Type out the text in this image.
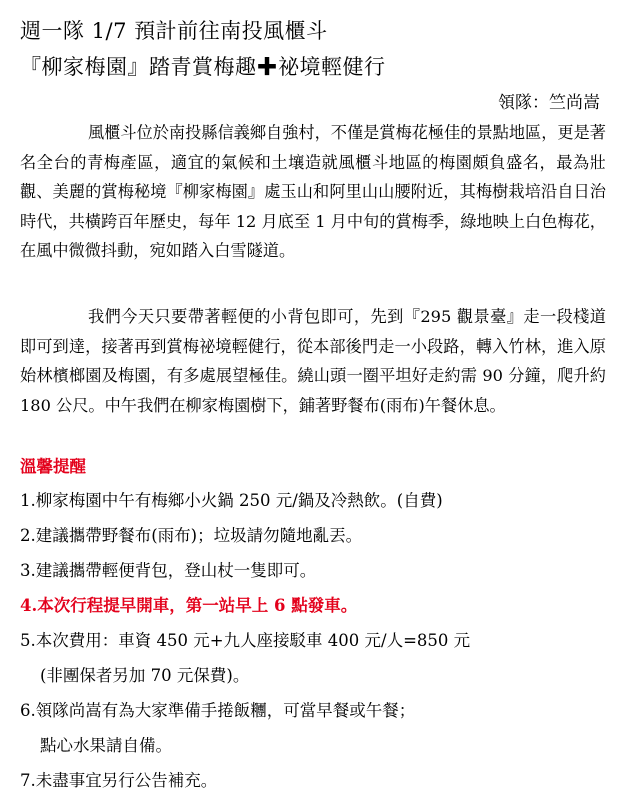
週一隊 1/7 預計前往南投風櫃斗
『柳家梅園』踏青賞梅趣✚祕境輕健行
領隊：竺尚嵩

風櫃斗位於南投縣信義鄉自強村，不僅是賞梅花極佳的景點地區，更是著名全台的青梅產區，適宜的氣候和土壤造就風櫃斗地區的梅園頗負盛名，最為壯觀、美麗的賞梅秘境『柳家梅園』處玉山和阿里山山腰附近，其梅樹栽培沿自日治時代，共橫跨百年歷史，每年 12 月底至 1 月中旬的賞梅季，綠地映上白色梅花，在風中微微抖動，宛如踏入白雪隧道。

我們今天只要帶著輕便的小背包即可，先到『295 觀景臺』走一段棧道即可到達，接著再到賞梅祕境輕健行，從本部後門走一小段路，轉入竹林，進入原始林檳榔園及梅園，有多處展望極佳。繞山頭一圈平坦好走約需 90 分鐘，爬升約 180 公尺。中午我們在柳家梅園樹下，鋪著野餐布(雨布)午餐休息。

溫馨提醒
1.柳家梅園中午有梅鄉小火鍋 250 元/鍋及冷熱飲。(自費)
2.建議攜帶野餐布(雨布)；垃圾請勿隨地亂丟。
3.建議攜帶輕便背包，登山杖一隻即可。
4.本次行程提早開車，第一站早上 6 點發車。
5.本次費用：車資 450 元+九人座接駁車 400 元/人=850 元
(非團保者另加 70 元保費)。
6.領隊尚嵩有為大家準備手捲飯糰，可當早餐或午餐；
點心水果請自備。
7.未盡事宜另行公告補充。
